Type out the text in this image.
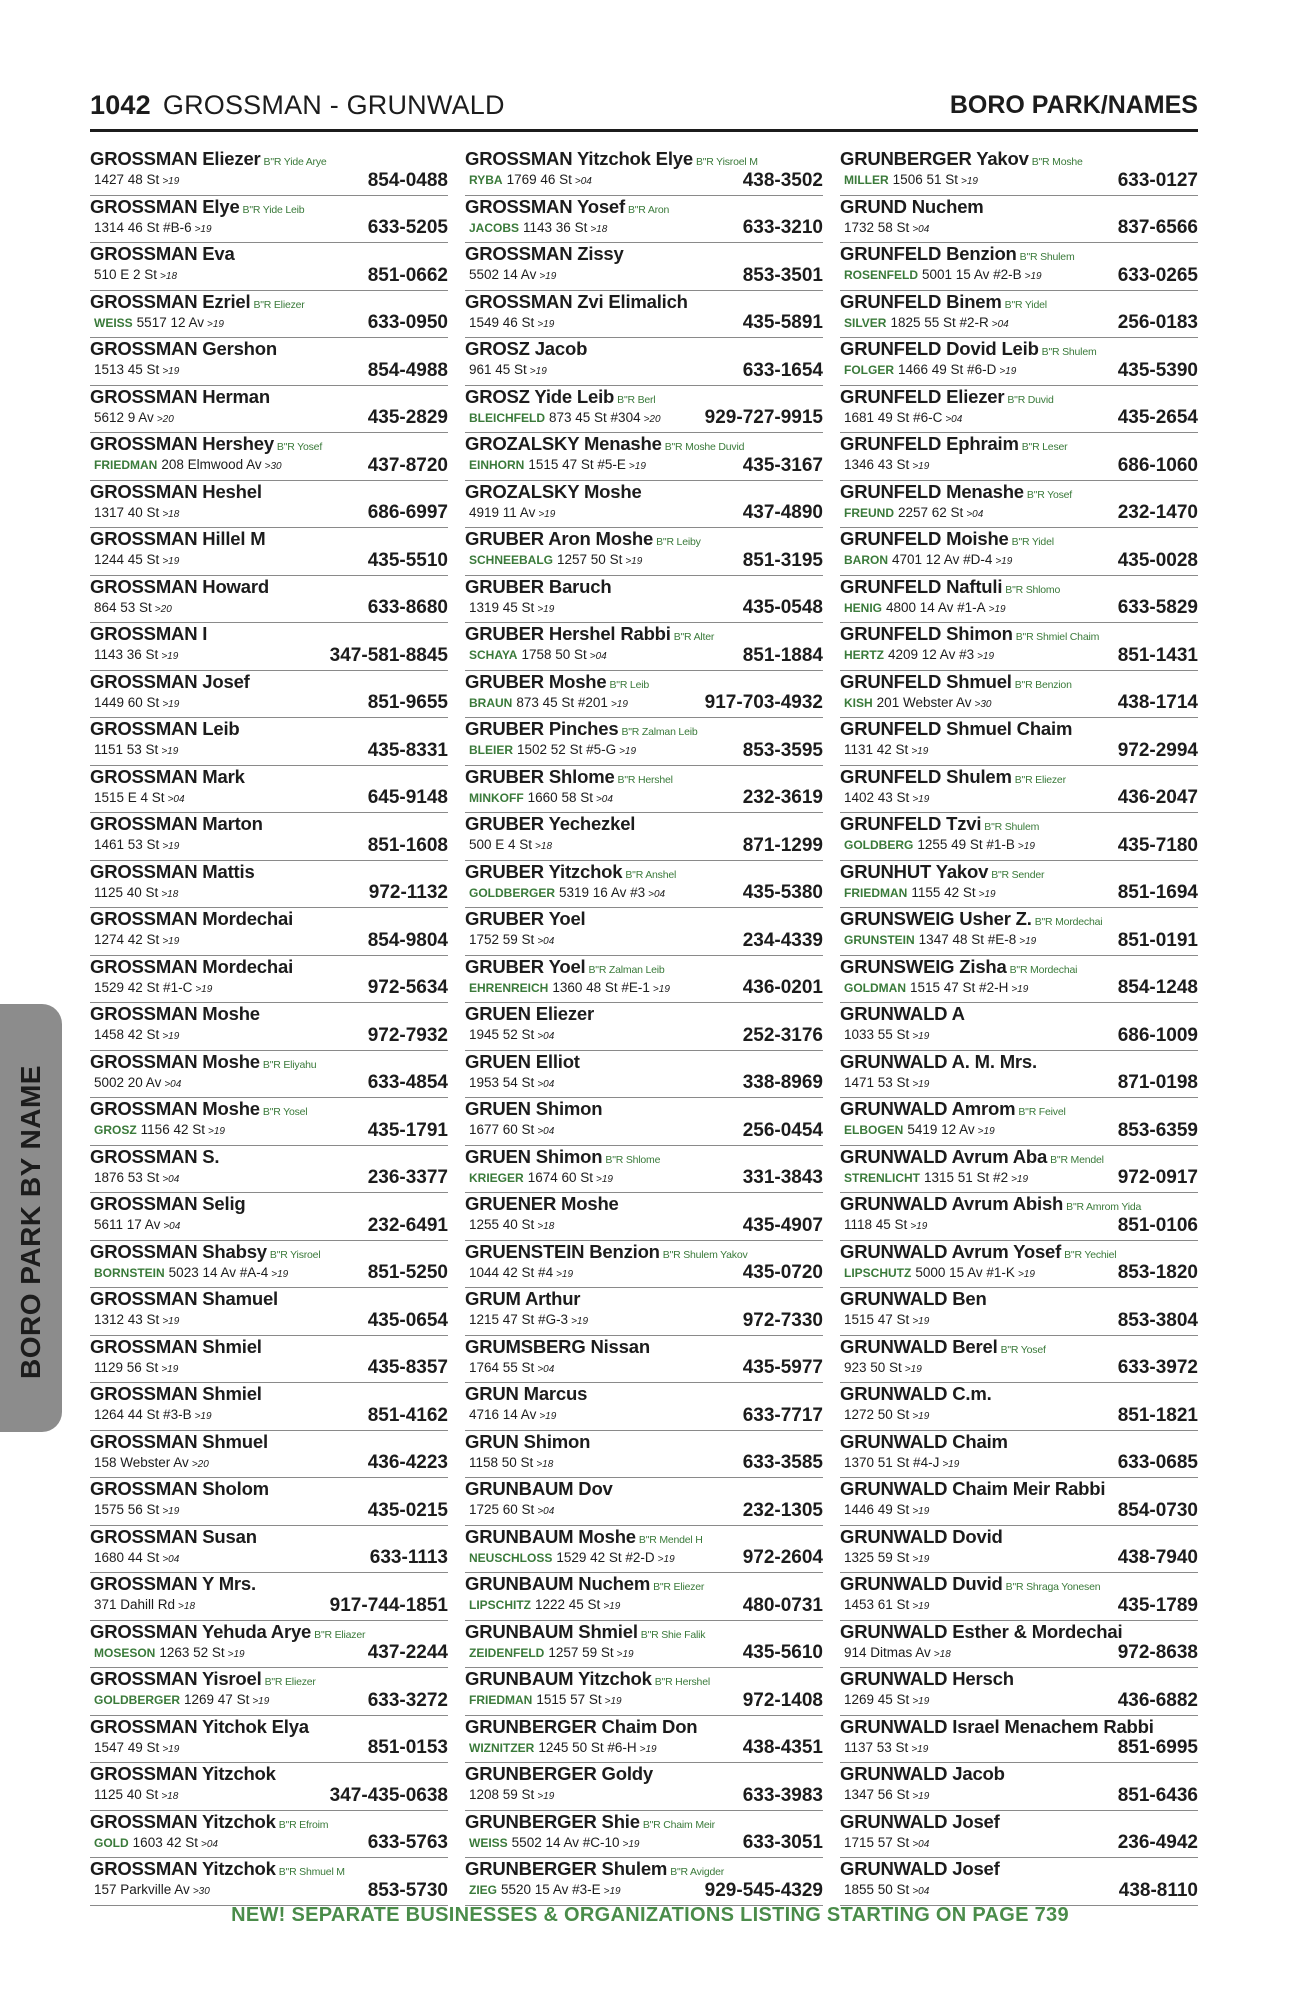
1042 GROSSMAN - GRUNWALD	BORO PARK/NAMES
GROSSMAN Eliezer B"R Yide Arye
1427 48 St >19	854-0488
GROSSMAN Elye B"R Yide Leib
1314 46 St #B-6 >19	633-5205
GROSSMAN Eva
510 E 2 St >18	851-0662
GROSSMAN Ezriel B"R Eliezer
WEISS 5517 12 Av >19	633-0950
GROSSMAN Gershon
1513 45 St >19	854-4988
GROSSMAN Herman
5612 9 Av >20	435-2829
GROSSMAN Hershey B"R Yosef
FRIEDMAN 208 Elmwood Av >30	437-8720
GROSSMAN Heshel
1317 40 St >18	686-6997
GROSSMAN Hillel M
1244 45 St >19	435-5510
GROSSMAN Howard
864 53 St >20	633-8680
GROSSMAN I
1143 36 St >19	347-581-8845
GROSSMAN Josef
1449 60 St >19	851-9655
GROSSMAN Leib
1151 53 St >19	435-8331
GROSSMAN Mark
1515 E 4 St >04	645-9148
GROSSMAN Marton
1461 53 St >19	851-1608
GROSSMAN Mattis
1125 40 St >18	972-1132
GROSSMAN Mordechai
1274 42 St >19	854-9804
GROSSMAN Mordechai
1529 42 St #1-C >19	972-5634
GROSSMAN Moshe
1458 42 St >19	972-7932
GROSSMAN Moshe B"R Eliyahu
5002 20 Av >04	633-4854
GROSSMAN Moshe B"R Yosel
GROSZ 1156 42 St >19	435-1791
GROSSMAN S.
1876 53 St >04	236-3377
GROSSMAN Selig
5611 17 Av >04	232-6491
GROSSMAN Shabsy B"R Yisroel
BORNSTEIN 5023 14 Av #A-4 >19	851-5250
GROSSMAN Shamuel
1312 43 St >19	435-0654
GROSSMAN Shmiel
1129 56 St >19	435-8357
GROSSMAN Shmiel
1264 44 St #3-B >19	851-4162
GROSSMAN Shmuel
158 Webster Av >20	436-4223
GROSSMAN Sholom
1575 56 St >19	435-0215
GROSSMAN Susan
1680 44 St >04	633-1113
GROSSMAN Y Mrs.
371 Dahill Rd >18	917-744-1851
GROSSMAN Yehuda Arye B"R Eliazer
MOSESON 1263 52 St >19	437-2244
GROSSMAN Yisroel B"R Eliezer
GOLDBERGER 1269 47 St >19	633-3272
GROSSMAN Yitchok Elya
1547 49 St >19	851-0153
GROSSMAN Yitzchok
1125 40 St >18	347-435-0638
GROSSMAN Yitzchok B"R Efroim
GOLD 1603 42 St >04	633-5763
GROSSMAN Yitzchok B"R Shmuel M
157 Parkville Av >30	853-5730
GROSSMAN Yitzchok Elye B"R Yisroel M
RYBA 1769 46 St >04	438-3502
GROSSMAN Yosef B"R Aron
JACOBS 1143 36 St >18	633-3210
GROSSMAN Zissy
5502 14 Av >19	853-3501
GROSSMAN Zvi Elimalich
1549 46 St >19	435-5891
GROSZ Jacob
961 45 St >19	633-1654
GROSZ Yide Leib B"R Berl
BLEICHFELD 873 45 St #304 >20 929-727-9915
GROZALSKY Menashe B"R Moshe Duvid
EINHORN 1515 47 St #5-E >19	435-3167
GROZALSKY Moshe
4919 11 Av >19	437-4890
GRUBER Aron Moshe B"R Leiby
SCHNEEBALG 1257 50 St >19	851-3195
GRUBER Baruch
1319 45 St >19	435-0548
GRUBER Hershel Rabbi B"R Alter
SCHAYA 1758 50 St >04	851-1884
GRUBER Moshe B"R Leib
BRAUN 873 45 St #201 >19	917-703-4932
GRUBER Pinches B"R Zalman Leib
BLEIER 1502 52 St #5-G >19	853-3595
GRUBER Shlome B"R Hershel
MINKOFF 1660 58 St >04	232-3619
GRUBER Yechezkel
500 E 4 St >18	871-1299
GRUBER Yitzchok B"R Anshel
GOLDBERGER 5319 16 Av #3 >04	435-5380
GRUBER Yoel
1752 59 St >04	234-4339
GRUBER Yoel B"R Zalman Leib
EHRENREICH 1360 48 St #E-1 >19	436-0201
GRUEN Eliezer
1945 52 St >04	252-3176
GRUEN Elliot
1953 54 St >04	338-8969
GRUEN Shimon
1677 60 St >04	256-0454
GRUEN Shimon B"R Shlome
KRIEGER 1674 60 St >19	331-3843
GRUENER Moshe
1255 40 St >18	435-4907
GRUENSTEIN Benzion B"R Shulem Yakov
1044 42 St #4 >19	435-0720
GRUM Arthur
1215 47 St #G-3 >19	972-7330
GRUMSBERG Nissan
1764 55 St >04	435-5977
GRUN Marcus
4716 14 Av >19	633-7717
GRUN Shimon
1158 50 St >18	633-3585
GRUNBAUM Dov
1725 60 St >04	232-1305
GRUNBAUM Moshe B"R Mendel H
NEUSCHLOSS 1529 42 St #2-D >19	972-2604
GRUNBAUM Nuchem B"R Eliezer
LIPSCHITZ 1222 45 St >19	480-0731
GRUNBAUM Shmiel B"R Shie Falik
ZEIDENFELD 1257 59 St >19	435-5610
GRUNBAUM Yitzchok B"R Hershel
FRIEDMAN 1515 57 St >19	972-1408
GRUNBERGER Chaim Don
WIZNITZER 1245 50 St #6-H >19	438-4351
GRUNBERGER Goldy
1208 59 St >19	633-3983
GRUNBERGER Shie B"R Chaim Meir
WEISS 5502 14 Av #C-10 >19	633-3051
GRUNBERGER Shulem B"R Avigder
ZIEG 5520 15 Av #3-E >19	929-545-4329
GRUNBERGER Yakov B"R Moshe
MILLER 1506 51 St >19	633-0127
GRUND Nuchem
1732 58 St >04	837-6566
GRUNFELD Benzion B"R Shulem
ROSENFELD 5001 15 Av #2-B >19	633-0265
GRUNFELD Binem B"R Yidel
SILVER 1825 55 St #2-R >04	256-0183
GRUNFELD Dovid Leib B"R Shulem
FOLGER 1466 49 St #6-D >19	435-5390
GRUNFELD Eliezer B"R Duvid
1681 49 St #6-C >04	435-2654
GRUNFELD Ephraim B"R Leser
1346 43 St >19	686-1060
GRUNFELD Menashe B"R Yosef
FREUND 2257 62 St >04	232-1470
GRUNFELD Moishe B"R Yidel
BARON 4701 12 Av #D-4 >19	435-0028
GRUNFELD Naftuli B"R Shlomo
HENIG 4800 14 Av #1-A >19	633-5829
GRUNFELD Shimon B"R Shmiel Chaim
HERTZ 4209 12 Av #3 >19	851-1431
GRUNFELD Shmuel B"R Benzion
KISH 201 Webster Av >30	438-1714
GRUNFELD Shmuel Chaim
1131 42 St >19	972-2994
GRUNFELD Shulem B"R Eliezer
1402 43 St >19	436-2047
GRUNFELD Tzvi B"R Shulem
GOLDBERG 1255 49 St #1-B >19	435-7180
GRUNHUT Yakov B"R Sender
FRIEDMAN 1155 42 St >19	851-1694
GRUNSWEIG Usher Z. B"R Mordechai
GRUNSTEIN 1347 48 St #E-8 >19	851-0191
GRUNSWEIG Zisha B"R Mordechai
GOLDMAN 1515 47 St #2-H >19	854-1248
GRUNWALD A
1033 55 St >19	686-1009
GRUNWALD A. M. Mrs.
1471 53 St >19	871-0198
GRUNWALD Amrom B"R Feivel
ELBOGEN 5419 12 Av >19	853-6359
GRUNWALD Avrum Aba B"R Mendel
STRENLICHT 1315 51 St #2 >19	972-0917
GRUNWALD Avrum Abish B"R Amrom Yida
1118 45 St >19	851-0106
GRUNWALD Avrum Yosef B"R Yechiel
LIPSCHUTZ 5000 15 Av #1-K >19	853-1820
GRUNWALD Ben
1515 47 St >19	853-3804
GRUNWALD Berel B"R Yosef
923 50 St >19	633-3972
GRUNWALD C.m.
1272 50 St >19	851-1821
GRUNWALD Chaim
1370 51 St #4-J >19	633-0685
GRUNWALD Chaim Meir Rabbi
1446 49 St >19	854-0730
GRUNWALD Dovid
1325 59 St >19	438-7940
GRUNWALD Duvid B"R Shraga Yonesen
1453 61 St >19	435-1789
GRUNWALD Esther & Mordechai
914 Ditmas Av >18	972-8638
GRUNWALD Hersch
1269 45 St >19	436-6882
GRUNWALD Israel Menachem Rabbi
1137 53 St >19	851-6995
GRUNWALD Jacob
1347 56 St >19	851-6436
GRUNWALD Josef
1715 57 St >04	236-4942
GRUNWALD Josef
1855 50 St >04	438-8110
BORO PARK BY NAME
NEW! SEPARATE BUSINESSES & ORGANIZATIONS LISTING STARTING ON PAGE 739
